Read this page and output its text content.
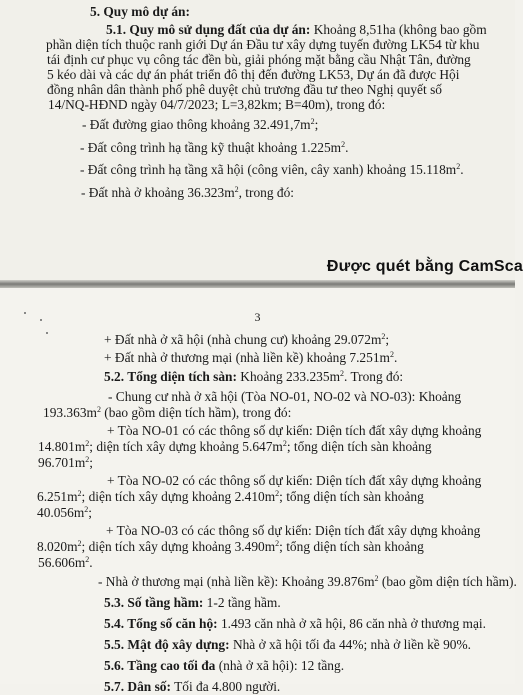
5. Quy mô dự án:
5.1. Quy mô sử dụng đất của dự án: Khoảng 8,51ha (không bao gồm
phần diện tích thuộc ranh giới Dự án Đầu tư xây dựng tuyến đường LK54 từ khu
tái định cư phục vụ công tác đền bù, giải phóng mặt bằng cầu Nhật Tân, đường
5 kéo dài và các dự án phát triển đô thị đến đường LK53, Dự án đã được Hội
đồng nhân dân thành phố phê duyệt chủ trương đầu tư theo Nghị quyết số
14/NQ-HĐND ngày 04/7/2023; L=3,82km; B=40m), trong đó:
- Đất đường giao thông khoảng $32.491,7m^2$;
- Đất công trình hạ tầng kỹ thuật khoảng $1.225m^2$.
- Đất công trình hạ tầng xã hội (công viên, cây xanh) khoảng $15.118m^2$.
- Đất nhà ở khoảng $36.323m^2$, trong đó:
Được quét bằng CamSca
3
+ Đất nhà ở xã hội (nhà chung cư) khoảng $29.072m^2$;
+ Đất nhà ở thương mại (nhà liền kề) khoảng $7.251m^2$.
5.2. Tổng diện tích sàn: Khoảng $233.235m^2$. Trong đó:
- Chung cư nhà ở xã hội (Tòa NO-01, NO-02 và NO-03): Khoảng
$193.363m^2$ (bao gồm diện tích hầm), trong đó:
+ Tòa NO-01 có các thông số dự kiến: Diện tích đất xây dựng khoảng
$14.801m^2$; diện tích xây dựng khoảng $5.647m^2$; tổng diện tích sàn khoảng
$96.701m^2$;
+ Tòa NO-02 có các thông số dự kiến: Diện tích đất xây dựng khoảng
$6.251m^2$; diện tích xây dựng khoảng $2.410m^2$; tổng diện tích sàn khoảng
$40.056m^2$;
+ Tòa NO-03 có các thông số dự kiến: Diện tích đất xây dựng khoảng
$8.020m^2$; diện tích xây dựng khoảng $3.490m^2$; tổng diện tích sàn khoảng
$56.606m^2$.
- Nhà ở thương mại (nhà liền kề): Khoảng $39.876m^2$ (bao gồm diện tích hầm).
5.3. Số tầng hầm: 1-2 tầng hầm.
5.4. Tổng số căn hộ: 1.493 căn nhà ở xã hội, 86 căn nhà ở thương mại.
5.5. Mật độ xây dựng: Nhà ở xã hội tối đa 44%; nhà ở liền kề 90%.
5.6. Tầng cao tối đa (nhà ở xã hội): 12 tầng.
5.7. Dân số: Tối đa 4.800 người.
